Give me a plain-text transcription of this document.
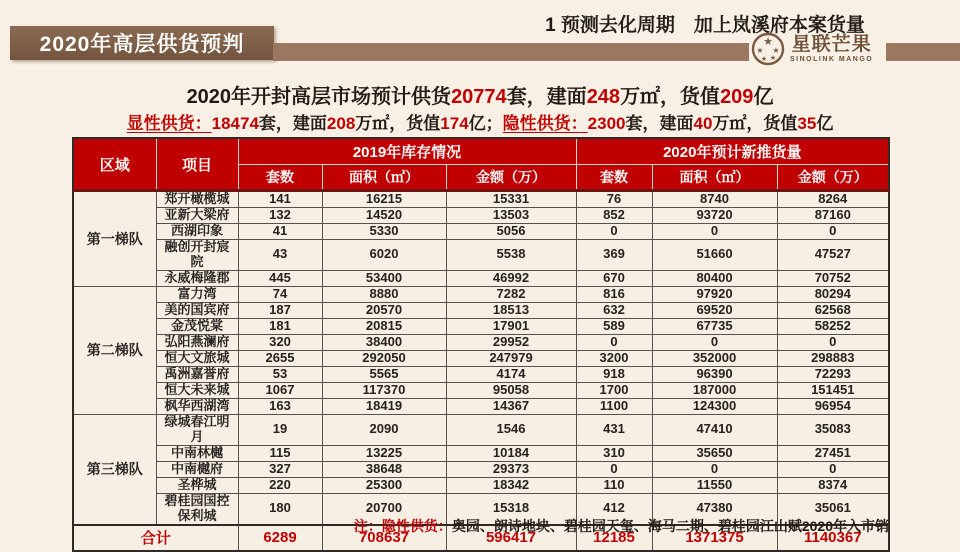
2020年高层供货预判
1 预测去化周期　加上岚溪府本案货量
★
★ ★
★ ★
星联芒果
SINOLINK MANGO
2020年开封高层市场预计供货20774套，建面248万㎡，货值209亿
显性供货：18474套，建面208万㎡，货值174亿；隐性供货：2300套，建面40万㎡，货值35亿
区域	项目	2019年库存情况			2020年预计新推货量		
		套数	面积（㎡）	金额（万）	套数	面积（㎡）	金额（万）
第一梯队	郑开橄榄城	141	16215	15331	76	8740	8264
	亚新大梁府	132	14520	13503	852	93720	87160
	西湖印象	41	5330	5056	0	0	0
	融创开封宸院	43	6020	5538	369	51660	47527
	永威梅隆郡	445	53400	46992	670	80400	70752
第二梯队	富力湾	74	8880	7282	816	97920	80294
	美的国宾府	187	20570	18513	632	69520	62568
	金茂悦棠	181	20815	17901	589	67735	58252
	弘阳燕澜府	320	38400	29952	0	0	0
	恒大文旅城	2655	292050	247979	3200	352000	298883
	禹洲嘉誉府	53	5565	4174	918	96390	72293
	恒大未来城	1067	117370	95058	1700	187000	151451
	枫华西湖湾	163	18419	14367	1100	124300	96954
第三梯队	绿城春江明月	19	2090	1546	431	47410	35083
	中南林樾	115	13225	10184	310	35650	27451
	中南樾府	327	38648	29373	0	0	0
	圣桦城	220	25300	18342	110	11550	8374
	碧桂园国控保利城	180	20700	15318	412	47380	35061
合计		6289	708637	596417	12185	1371375	1140367
注：隐性供货：奥园、朗诗地块、碧桂园天玺、海马二期、碧桂园江山赋2020年入市销
